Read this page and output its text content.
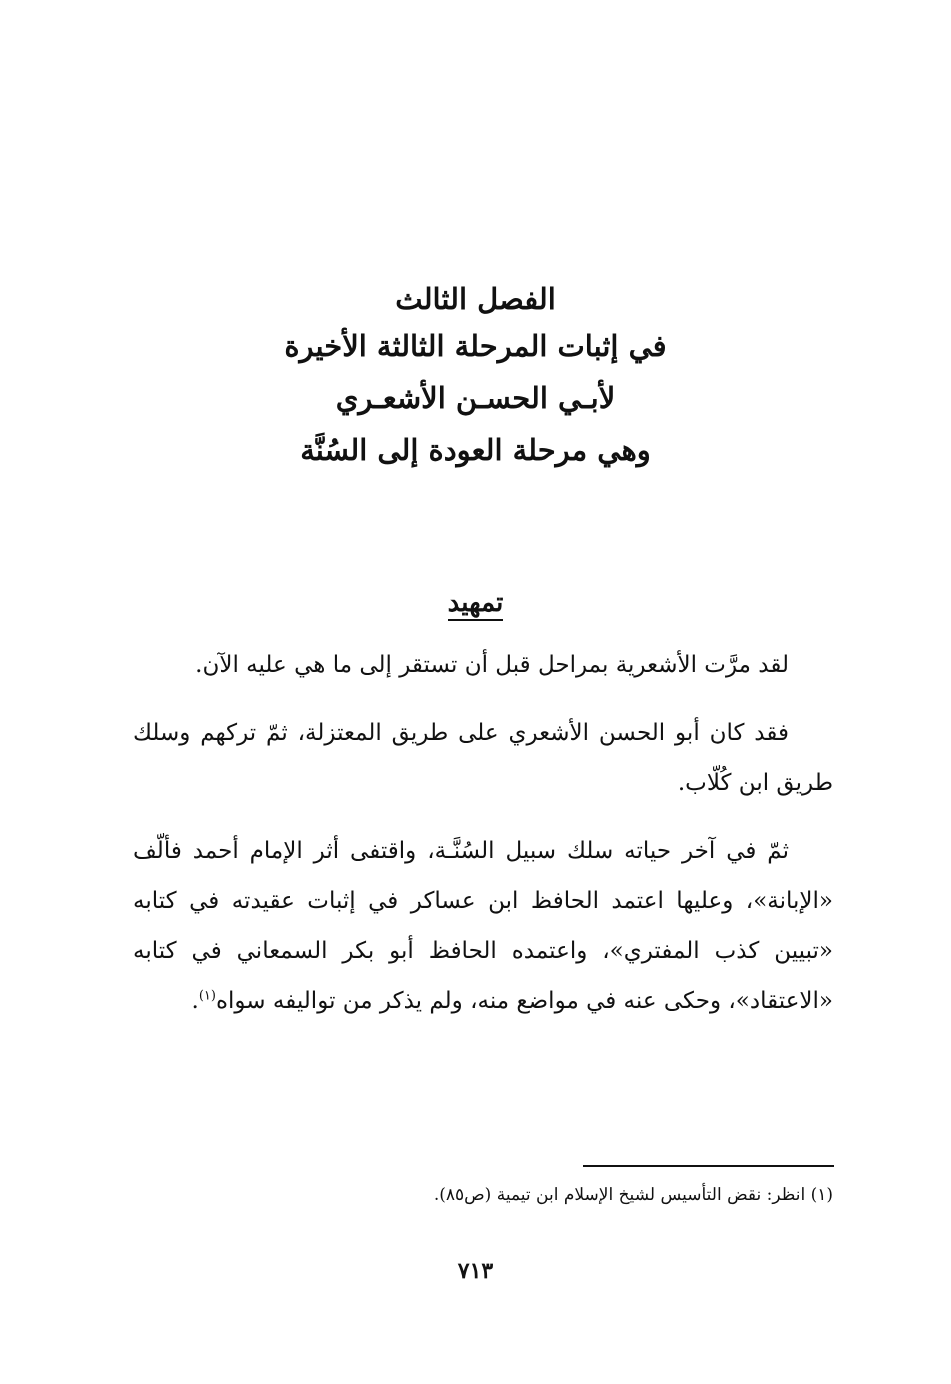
الفصل الثالث

في إثبات المرحلة الثالثة الأخيرة

لأبـي الحسـن الأشعـري

وهي مرحلة العودة إلى السُنَّة

تمهيد

لقد مرَّت الأشعرية بمراحل قبل أن تستقر إلى ما هي عليه الآن.

فقد كان أبو الحسن الأشعري على طريق المعتزلة، ثمّ تركهم وسلك طريق ابن كُلّاب.

ثمّ في آخر حياته سلك سبيل السُنَّـة، واقتفى أثر الإمام أحمد فألّف «الإبانة»، وعليها اعتمد الحافظ ابن عساكر في إثبات عقيدته في كتابه «تبيين كذب المفتري»، واعتمده الحافظ أبو بكر السمعاني في كتابه «الاعتقاد»، وحكى عنه في مواضع منه، ولم يذكر من تواليفه سواه$^{(١)}$.

(١) انظر: نقض التأسيس لشيخ الإسلام ابن تيمية (ص٨٥).

٧١٣
